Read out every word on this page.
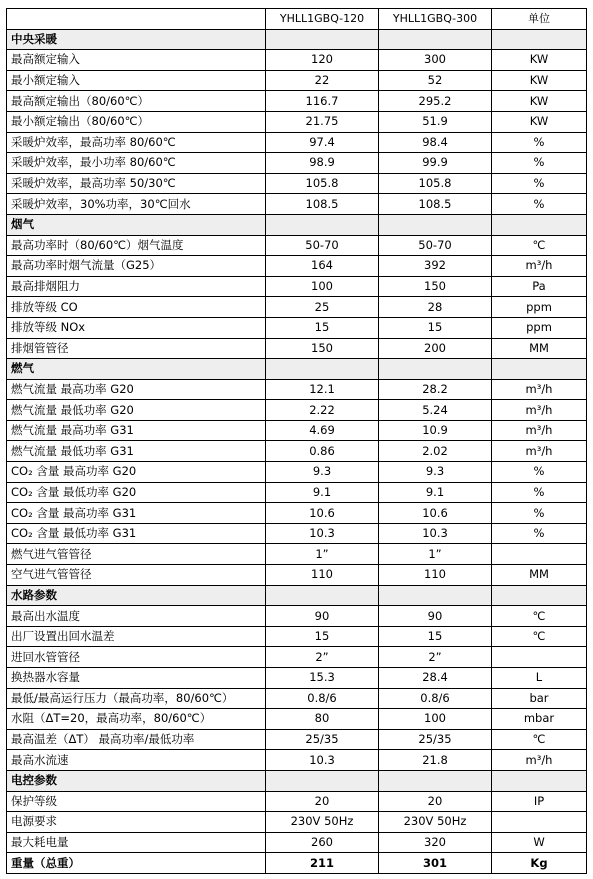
	YHLL1GBQ-120	YHLL1GBQ-300	单位
中央采暖			
最高额定输入	120	300	KW
最小额定输入	22	52	KW
最高额定输出（80/60℃）	116.7	295.2	KW
最小额定输出（80/60℃）	21.75	51.9	KW
采暖炉效率，最高功率 80/60℃	97.4	98.4	%
采暖炉效率，最小功率 80/60℃	98.9	99.9	%
采暖炉效率，最高功率 50/30℃	105.8	105.8	%
采暖炉效率，30%功率，30℃回水	108.5	108.5	%
烟气			
最高功率时（80/60℃）烟气温度	50-70	50-70	℃
最高功率时烟气流量（G25）	164	392	m³/h
最高排烟阻力	100	150	Pa
排放等级 CO	25	28	ppm
排放等级 NOx	15	15	ppm
排烟管管径	150	200	MM
燃气			
燃气流量 最高功率 G20	12.1	28.2	m³/h
燃气流量 最低功率 G20	2.22	5.24	m³/h
燃气流量 最高功率 G31	4.69	10.9	m³/h
燃气流量 最低功率 G31	0.86	2.02	m³/h
CO₂ 含量 最高功率 G20	9.3	9.3	%
CO₂ 含量 最低功率 G20	9.1	9.1	%
CO₂ 含量 最高功率 G31	10.6	10.6	%
CO₂ 含量 最低功率 G31	10.3	10.3	%
燃气进气管管径	1”	1”	
空气进气管管径	110	110	MM
水路参数			
最高出水温度	90	90	℃
出厂设置出回水温差	15	15	℃
进回水管管径	2”	2”	
换热器水容量	15.3	28.4	L
最低/最高运行压力（最高功率，80/60℃）	0.8/6	0.8/6	bar
水阻（ΔT=20，最高功率，80/60℃）	80	100	mbar
最高温差（ΔT） 最高功率/最低功率	25/35	25/35	℃
最高水流速	10.3	21.8	m³/h
电控参数			
保护等级	20	20	IP
电源要求	230V 50Hz	230V 50Hz	
最大耗电量	260	320	W
重量（总重）	211	301	Kg
